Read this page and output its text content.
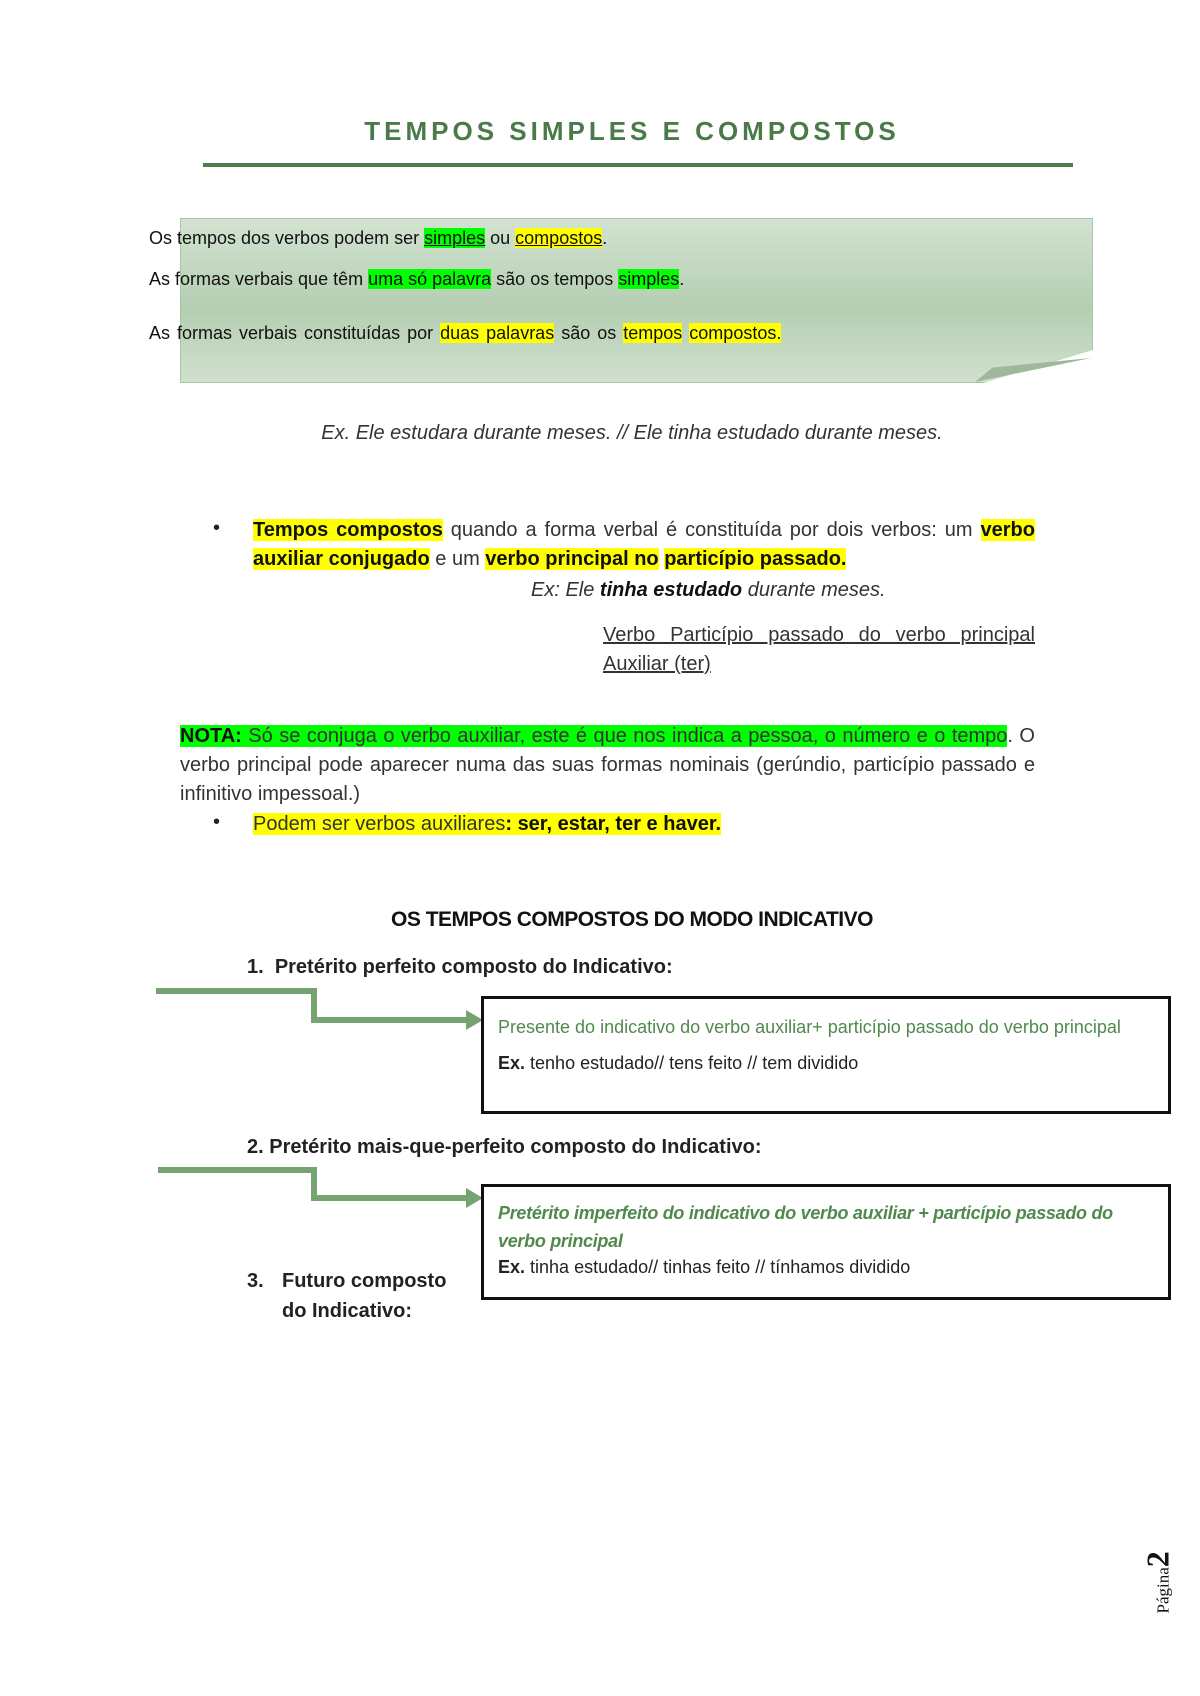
TEMPOS SIMPLES E COMPOSTOS
Os tempos dos verbos podem ser simples ou compostos.
As formas verbais que têm uma só palavra são os tempos simples.
As formas verbais constituídas por duas palavras são os tempos compostos.
Ex. Ele estudara durante meses. // Ele tinha estudado durante meses.
• Tempos compostos quando a forma verbal é constituída por dois verbos: um verbo auxiliar conjugado e um verbo principal no particípio passado.
Ex: Ele tinha estudado durante meses.
Verbo Particípio passado do verbo principal Auxiliar (ter)
NOTA: Só se conjuga o verbo auxiliar, este é que nos indica a pessoa, o número e o tempo. O verbo principal pode aparecer numa das suas formas nominais (gerúndio, particípio passado e infinitivo impessoal.)
• Podem ser verbos auxiliares: ser, estar, ter e haver.
OS TEMPOS COMPOSTOS DO MODO INDICATIVO
1. Pretérito perfeito composto do Indicativo:
Presente do indicativo do verbo auxiliar+ particípio passado do verbo principal
Ex. tenho estudado// tens feito // tem dividido
2. Pretérito mais-que-perfeito composto do Indicativo:
Pretérito imperfeito do indicativo do verbo auxiliar + particípio passado do verbo principal
Ex. tinha estudado// tinhas feito // tínhamos dividido
3. Futuro composto do Indicativo:
Página2
